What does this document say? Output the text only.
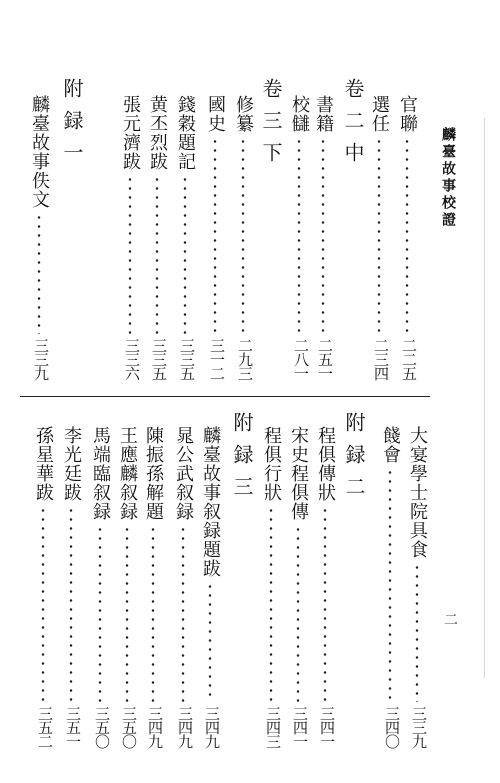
麟臺故事校證
二
官聯
二二五
選任
二三四
卷二中
書籍
二五一
校讎
二八一
卷三下
修纂
二九三
國史
三一二
錢穀題記
三三五
黄丕烈跋
三三五
張元濟跋
三三六
附録一
麟臺故事佚文
三三九
大宴學士院具食
三三九
餞會
三四〇
附録二
程俱傳狀
三四一
宋史程俱傳
三四一
程俱行狀
三四三
附録三
麟臺故事叙録題跋
三四九
晁公武叙録
三四九
陳振孫解題
三四九
王應麟叙録
三五〇
馬端臨叙録
三五〇
李光廷跋
三五一
孫星華跋
三五二
